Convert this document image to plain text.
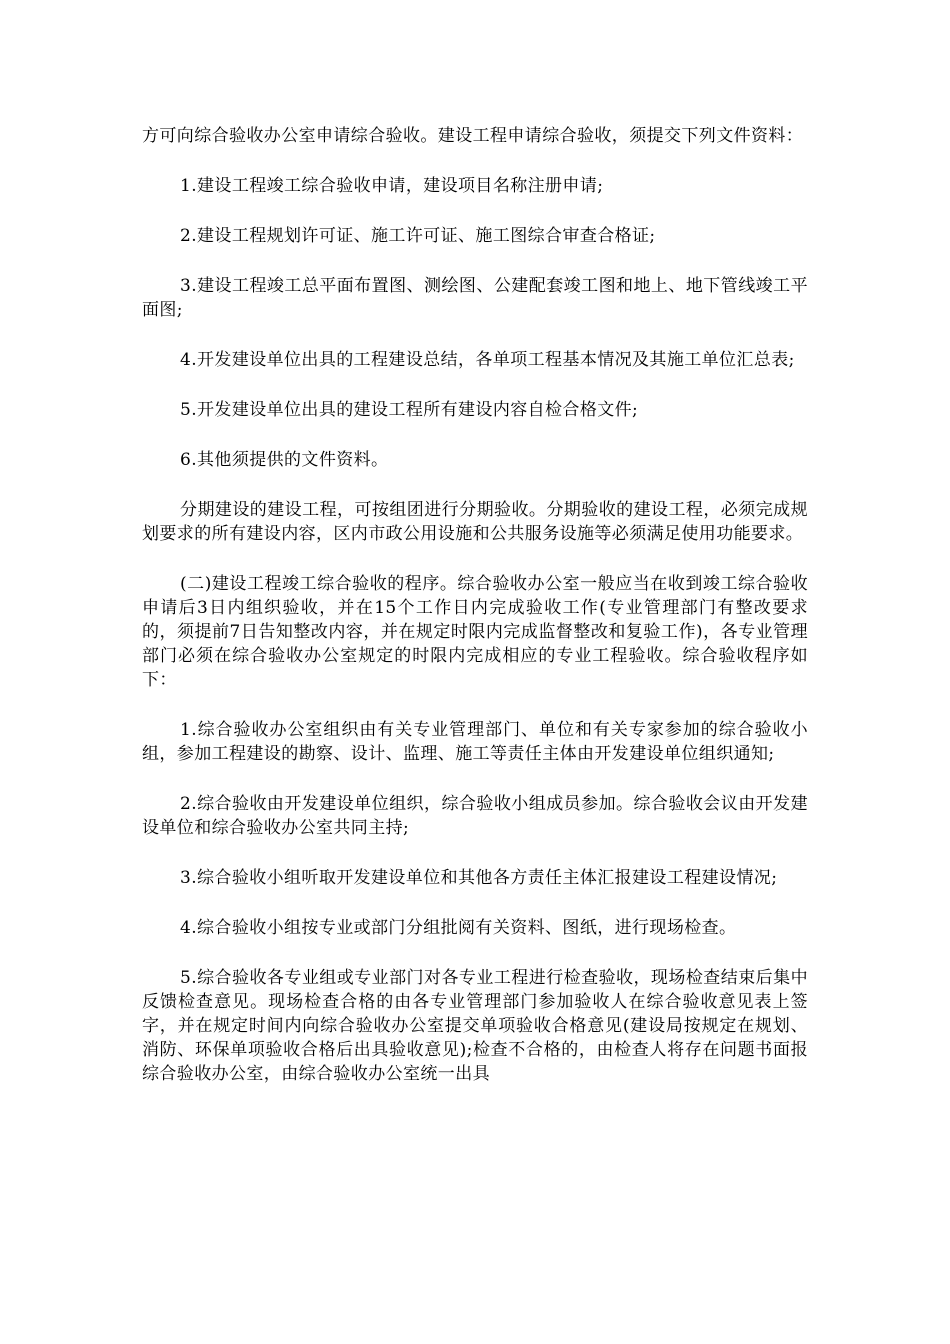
方可向综合验收办公室申请综合验收。建设工程申请综合验收，须提交下列文件资料：

1.建设工程竣工综合验收申请，建设项目名称注册申请;

2.建设工程规划许可证、施工许可证、施工图综合审查合格证;

3.建设工程竣工总平面布置图、测绘图、公建配套竣工图和地上、地下管线竣工平面图;

4.开发建设单位出具的工程建设总结，各单项工程基本情况及其施工单位汇总表;

5.开发建设单位出具的建设工程所有建设内容自检合格文件;

6.其他须提供的文件资料。

分期建设的建设工程，可按组团进行分期验收。分期验收的建设工程，必须完成规划要求的所有建设内容，区内市政公用设施和公共服务设施等必须满足使用功能要求。

(二)建设工程竣工综合验收的程序。综合验收办公室一般应当在收到竣工综合验收申请后3日内组织验收，并在15个工作日内完成验收工作(专业管理部门有整改要求的，须提前7日告知整改内容，并在规定时限内完成监督整改和复验工作)，各专业管理部门必须在综合验收办公室规定的时限内完成相应的专业工程验收。综合验收程序如下：

1.综合验收办公室组织由有关专业管理部门、单位和有关专家参加的综合验收小组，参加工程建设的勘察、设计、监理、施工等责任主体由开发建设单位组织通知;

2.综合验收由开发建设单位组织，综合验收小组成员参加。综合验收会议由开发建设单位和综合验收办公室共同主持;

3.综合验收小组听取开发建设单位和其他各方责任主体汇报建设工程建设情况;

4.综合验收小组按专业或部门分组批阅有关资料、图纸，进行现场检查。

5.综合验收各专业组或专业部门对各专业工程进行检查验收，现场检查结束后集中反馈检查意见。现场检查合格的由各专业管理部门参加验收人在综合验收意见表上签字，并在规定时间内向综合验收办公室提交单项验收合格意见(建设局按规定在规划、消防、环保单项验收合格后出具验收意见);检查不合格的，由检查人将存在问题书面报综合验收办公室，由综合验收办公室统一出具
